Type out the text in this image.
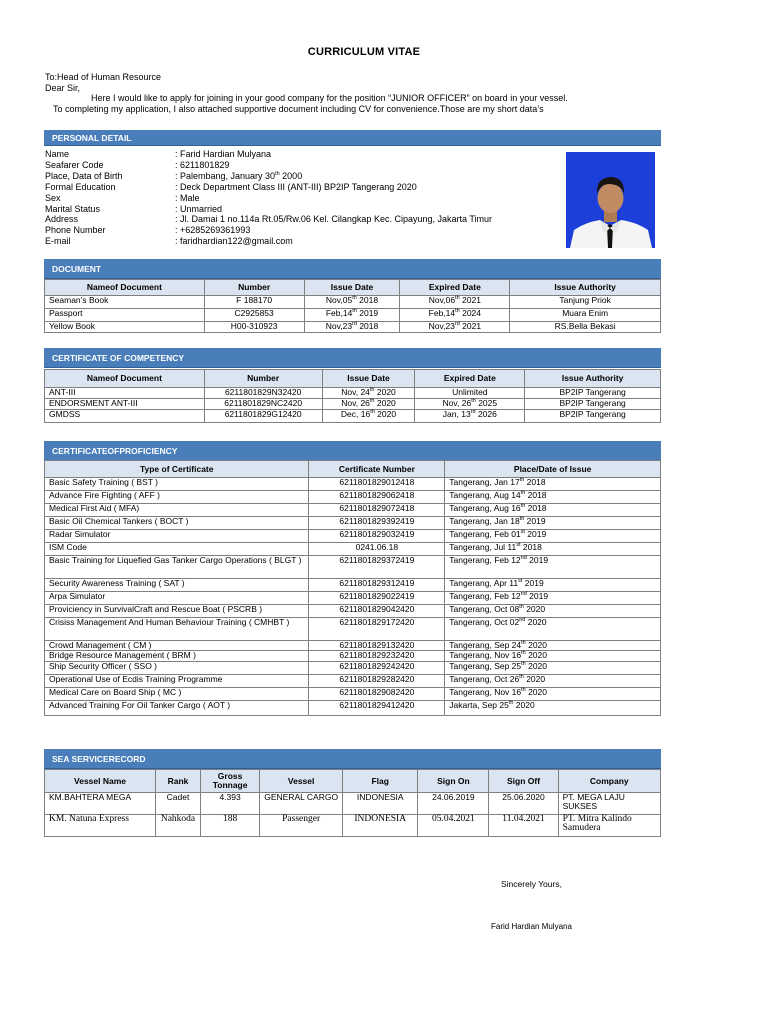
CURRICULUM VITAE
To:Head of Human Resource
Dear Sir,
Here I would like to apply for joining in your good company for the position “JUNIOR OFFICER” on board in your vessel.
To completing my application, I also attached supportive document including CV for convenience.Those are my short data’s
PERSONAL DETAIL
Name	: Farid Hardian Mulyana
Seafarer Code	: 6211801829
Place, Data of Birth	: Palembang, January 30th 2000
Formal Education	: Deck Department Class III (ANT-III) BP2IP Tangerang 2020
Sex	: Male
Marital Status	: Unmarried
Address	: Jl. Damai 1 no.114a Rt.05/Rw.06 Kel. Cilangkap Kec. Cipayung, Jakarta Timur
Phone Number	: +6285269361993
E-mail	: faridhardian122@gmail.com
DOCUMENT
Nameof Document	Number	Issue Date	Expired Date	Issue Authority
Seaman’s Book	F 188170	Nov,05th 2018	Nov,06th 2021	Tanjung Priok
Passport	C2925853	Feb,14th 2019	Feb,14th 2024	Muara Enim
Yellow Book	H00-310923	Nov,23rd 2018	Nov,23rd 2021	RS.Bella Bekasi
CERTIFICATE OF COMPETENCY
Nameof Document	Number	Issue Date	Expired Date	Issue Authority
ANT-III	6211801829N32420	Nov, 24th 2020	Unlimited	BP2IP Tangerang
ENDORSMENT ANT-III	6211801829NC2420	Nov, 26th 2020	Nov, 26th 2025	BP2IP Tangerang
GMDSS	6211801829G12420	Dec, 16th 2020	Jan, 13rd 2026	BP2IP Tangerang
CERTIFICATEOFPROFICIENCY
Type of Certificate	Certificate Number	Place/Date of Issue
Basic Safety Training ( BST )	6211801829012418	Tangerang, Jan 17th 2018
Advance Fire Fighting ( AFF )	6211801829062418	Tangerang, Aug 14th 2018
Medical First Aid ( MFA)	6211801829072418	Tangerang, Aug 16th 2018
Basic Oil Chemical Tankers ( BOCT )	6211801829392419	Tangerang, Jan 18th 2019
Radar Simulator	6211801829032419	Tangerang, Feb 01st 2019
ISM Code	0241.06.18	Tangerang, Jul 11st 2018
Basic Training for Liquefied Gas Tanker Cargo Operations ( BLGT )	6211801829372419	Tangerang, Feb 12nd 2019
Security Awareness Training ( SAT )	6211801829312419	Tangerang, Apr 11st 2019
Arpa Simulator	6211801829022419	Tangerang, Feb 12nd 2019
Proviciency in SurvivalCraft and Rescue Boat ( PSCRB )	6211801829042420	Tangerang, Oct 08th 2020
Crisiss Management And Human Behaviour Training ( CMHBT )	6211801829172420	Tangerang, Oct 02nd 2020
Crowd Management ( CM )	6211801829132420	Tangerang, Sep 24th 2020
Bridge Resource Management ( BRM )	6211801829232420	Tangerang, Nov 16th 2020
Ship Security Officer ( SSO )	6211801829242420	Tangerang, Sep 25th 2020
Operational Use of Ecdis Training Programme	6211801829282420	Tangerang, Oct 26th 2020
Medical Care on Board Ship ( MC )	6211801829082420	Tangerang, Nov 16th 2020
Advanced Training For Oil Tanker Cargo ( AOT )	6211801829412420	Jakarta, Sep 25th 2020
SEA SERVICERECORD
Vessel Name	Rank	Gross Tonnage	Vessel	Flag	Sign On	Sign Off	Company
KM.BAHTERA MEGA	Cadet	4.393	GENERAL CARGO	INDONESIA	24.06.2019	25.06.2020	PT. MEGA LAJU SUKSES
KM. Natuna Express	Nahkoda	188	Passenger	INDONESIA	05.04.2021	11.04.2021	PT. Mitra Kalindo Samudera
Sincerely Yours,
Farid Hardian Mulyana
